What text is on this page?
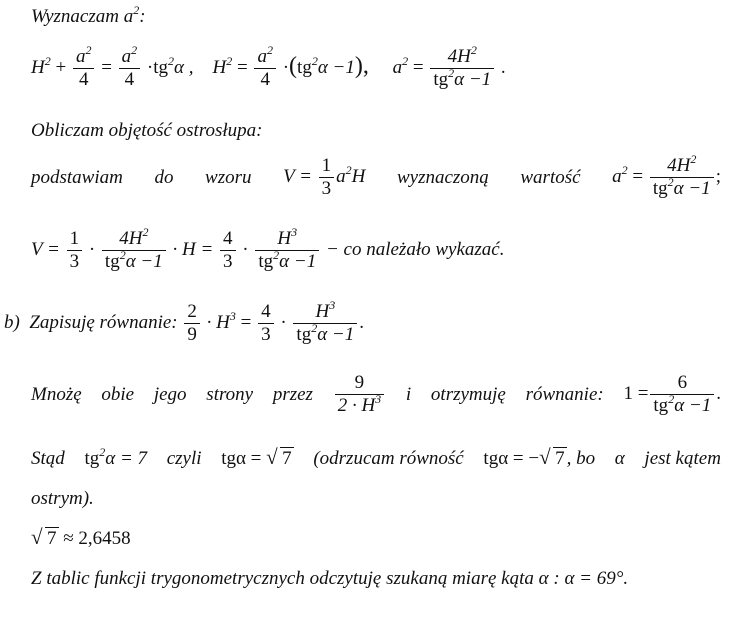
Wyznaczam $a^2$:
$H^2 + \frac{a^2}{4} = \frac{a^2}{4} \cdot tg^2\alpha$ , $H^2 = \frac{a^2}{4} \cdot(tg^2\alpha -1)$, $a^2 = \frac{4H^2}{tg^2\alpha -1}$ .
Obliczam objętość ostrosłupa:
podstawiam do wzoru $V = \frac{1}{3} a^2H$ wyznaczoną wartość $a^2 = \frac{4H^2}{tg^2\alpha -1}$ ;
$V = \frac{1}{3} \cdot \frac{4H^2}{tg^2\alpha -1} \cdot H = \frac{4}{3} \cdot \frac{H^3}{tg^2\alpha -1}$ − co należało wykazać.
b) Zapisuję równanie: $\frac{2}{9} \cdot H^3 = \frac{4}{3} \cdot \frac{H^3}{tg^2\alpha -1}$ .
Mnożę obie jego strony przez $\frac{9}{2 \cdot H^3}$ i otrzymuję równanie: $1 = \frac{6}{tg^2\alpha -1}$ .
Stąd $tg^2\alpha = 7$ czyli tgα = √ 7 (odrzucam równość tgα = − √ 7 , bo α jest kątem
ostrym).
√ 7 ≈ 2,6458
Z tablic funkcji trygonometrycznych odczytuję szukaną miarę kąta α : α = 69°.
